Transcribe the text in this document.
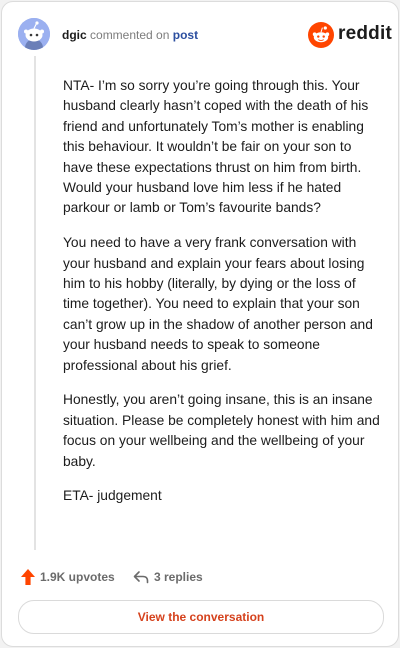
dgic commented on post	reddit

NTA- I’m so sorry you’re going through this. Your husband clearly hasn’t coped with the death of his friend and unfortunately Tom’s mother is enabling this behaviour. It wouldn’t be fair on your son to have these expectations thrust on him from birth. Would your husband love him less if he hated parkour or lamb or Tom’s favourite bands?

You need to have a very frank conversation with your husband and explain your fears about losing him to his hobby (literally, by dying or the loss of time together). You need to explain that your son can’t grow up in the shadow of another person and your husband needs to speak to someone professional about his grief.

Honestly, you aren’t going insane, this is an insane situation. Please be completely honest with him and focus on your wellbeing and the wellbeing of your baby.

ETA- judgement

1.9K upvotes	3 replies
View the conversation
